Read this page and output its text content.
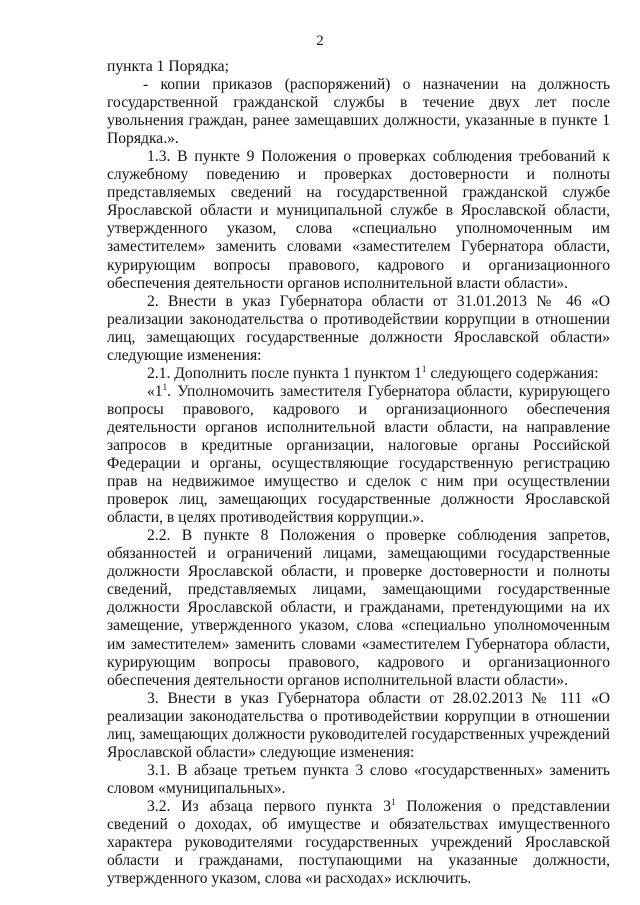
2

пункта 1 Порядка;

- копии приказов (распоряжений) о назначении на должность государственной гражданской службы в течение двух лет после увольнения граждан, ранее замещавших должности, указанные в пункте 1 Порядка.».

1.3. В пункте 9 Положения о проверках соблюдения требований к служебному поведению и проверках достоверности и полноты представляемых сведений на государственной гражданской службе Ярославской области и муниципальной службе в Ярославской области, утвержденного указом, слова «специально уполномоченным им заместителем» заменить словами «заместителем Губернатора области, курирующим вопросы правового, кадрового и организационного обеспечения деятельности органов исполнительной власти области».

2. Внести в указ Губернатора области от 31.01.2013 № 46 «О реализации законодательства о противодействии коррупции в отношении лиц, замещающих государственные должности Ярославской области» следующие изменения:

2.1. Дополнить после пункта 1 пунктом $1^1$ следующего содержания:

«$1^1$. Уполномочить заместителя Губернатора области, курирующего вопросы правового, кадрового и организационного обеспечения деятельности органов исполнительной власти области, на направление запросов в кредитные организации, налоговые органы Российской Федерации и органы, осуществляющие государственную регистрацию прав на недвижимое имущество и сделок с ним при осуществлении проверок лиц, замещающих государственные должности Ярославской области, в целях противодействия коррупции.».

2.2. В пункте 8 Положения о проверке соблюдения запретов, обязанностей и ограничений лицами, замещающими государственные должности Ярославской области, и проверке достоверности и полноты сведений, представляемых лицами, замещающими государственные должности Ярославской области, и гражданами, претендующими на их замещение, утвержденного указом, слова «специально уполномоченным им заместителем» заменить словами «заместителем Губернатора области, курирующим вопросы правового, кадрового и организационного обеспечения деятельности органов исполнительной власти области».

3. Внести в указ Губернатора области от 28.02.2013 № 111 «О реализации законодательства о противодействии коррупции в отношении лиц, замещающих должности руководителей государственных учреждений Ярославской области» следующие изменения:

3.1. В абзаце третьем пункта 3 слово «государственных» заменить словом «муниципальных».

3.2. Из абзаца первого пункта $3^1$ Положения о представлении сведений о доходах, об имуществе и обязательствах имущественного характера руководителями государственных учреждений Ярославской области и гражданами, поступающими на указанные должности, утвержденного указом, слова «и расходах» исключить.
